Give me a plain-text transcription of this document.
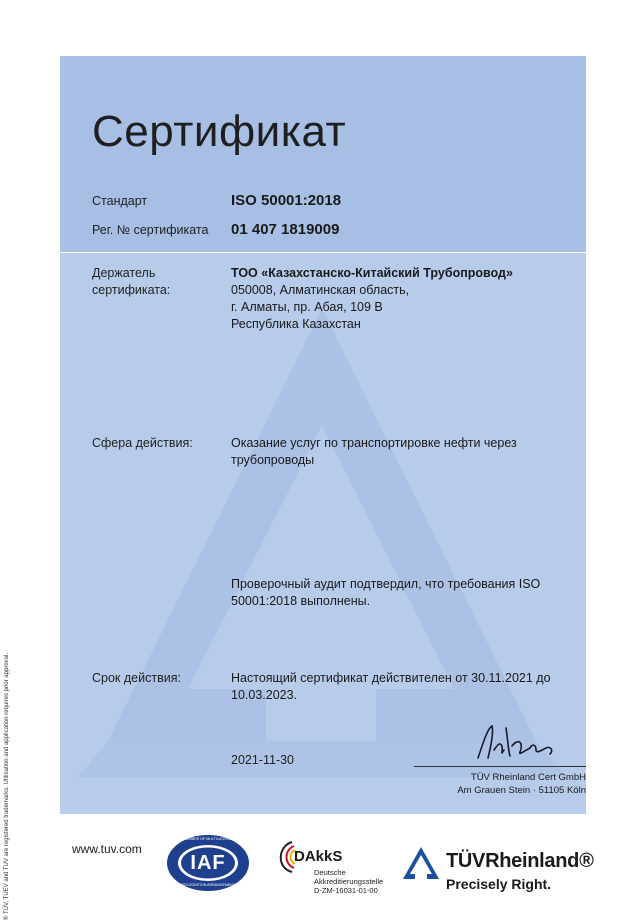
Сертификат
Стандарт	ISO 50001:2018
Рег. № сертификата 01 407 1819009
Держатель
сертификата:
ТОО «Казахстанско-Китайский Трубопровод»
050008, Алматинская область,
г. Алматы, пр. Абая, 109 В
Республика Казахстан
Сфера действия:	Оказание услуг по транспортировке нефти через
трубопроводы
Проверочный аудит подтвердил, что требования ISO
50001:2018 выполнены.
Срок действия:	Настоящий сертификат действителен от 30.11.2021 до
10.03.2023.
2021-11-30
TÜV Rheinland Cert GmbH
Am Grauen Stein · 51105 Köln
® TÜV, TUEV and TUV are registered trademarks. Utilisation and application requires prior approval.	www.tuv.com
IAF
MEMBER OF MULTILATERAL
RECOGNITION ARRANGEMENT
DAkkS
Deutsche
Akkreditierungsstelle
D-ZM-16031-01-00
TÜVRheinland®
Precisely Right.
